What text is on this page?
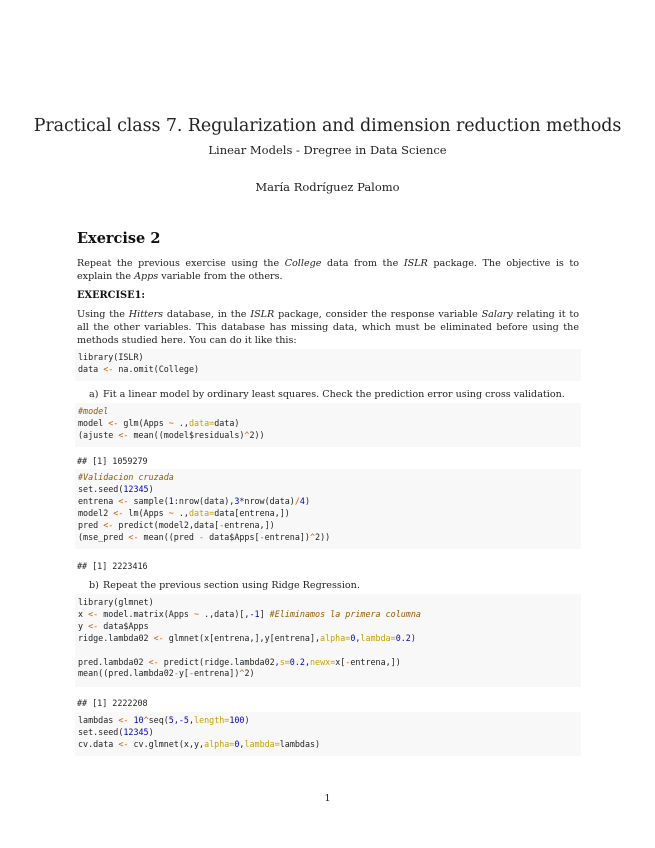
Practical class 7. Regularization and dimension reduction methods
Linear Models - Dregree in Data Science
María Rodríguez Palomo
Exercise 2
Repeat the previous exercise using the College data from the ISLR package. The objective is to explain the Apps variable from the others.
EXERCISE1:
Using the Hitters database, in the ISLR package, consider the response variable Salary relating it to all the other variables. This database has missing data, which must be eliminated before using the methods studied here. You can do it like this:
library(ISLR)
data <- na.omit(College)
a) Fit a linear model by ordinary least squares. Check the prediction error using cross validation.
#model
model <- glm(Apps ~ .,data=data)
(ajuste <- mean((model$residuals)^2))
## [1] 1059279
#Validacion cruzada
set.seed(12345)
entrena <- sample(1:nrow(data),3*nrow(data)/4)
model2 <- lm(Apps ~ .,data=data[entrena,])
pred <- predict(model2,data[-entrena,])
(mse_pred <- mean((pred - data$Apps[-entrena])^2))
## [1] 2223416
b) Repeat the previous section using Ridge Regression.
library(glmnet)
x <- model.matrix(Apps ~ .,data)[,-1] #Eliminamos la primera columna
y <- data$Apps
ridge.lambda02 <- glmnet(x[entrena,],y[entrena],alpha=0,lambda=0.2)

pred.lambda02 <- predict(ridge.lambda02,s=0.2,newx=x[-entrena,])
mean((pred.lambda02-y[-entrena])^2)
## [1] 2222208
lambdas <- 10^seq(5,-5,length=100)
set.seed(12345)
cv.data <- cv.glmnet(x,y,alpha=0,lambda=lambdas)
1
